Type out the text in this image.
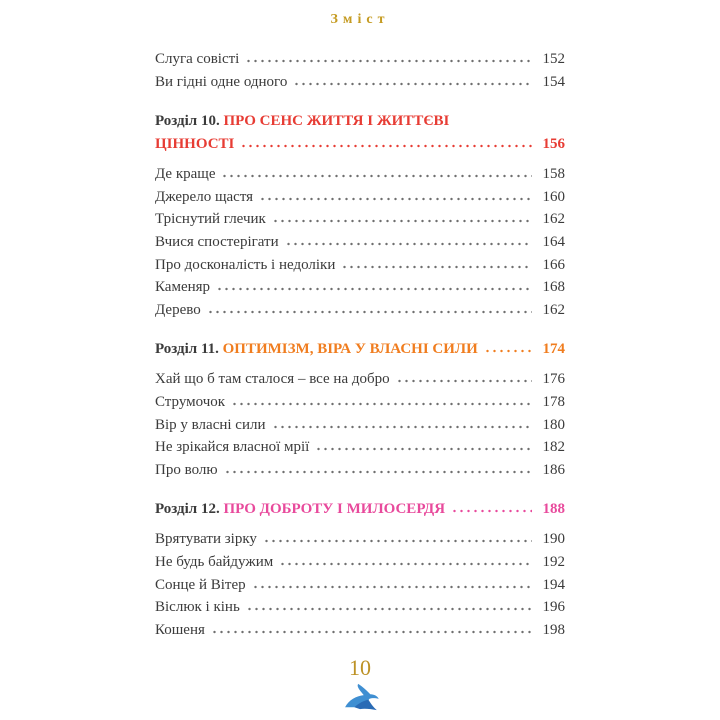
Зміст
Слуга совісті	152
Ви гідні одне одного	154
Розділ 10. ПРО СЕНС ЖИТТЯ І ЖИТТЄВІ
ЦІННОСТІ	156
Де краще	158
Джерело щастя	160
Тріснутий глечик	162
Вчися спостерігати	164
Про досконалість і недоліки	166
Каменяр	168
Дерево	162
Розділ 11. ОПТИМІЗМ, ВІРА У ВЛАСНІ СИЛИ	174
Хай що б там сталося – все на добро	176
Струмочок	178
Вір у власні сили	180
Не зрікайся власної мрії	182
Про волю	186
Розділ 12. ПРО ДОБРОТУ І МИЛОСЕРДЯ	188
Врятувати зірку	190
Не будь байдужим	192
Сонце й Вітер	194
Віслюк і кінь	196
Кошеня	198
10
